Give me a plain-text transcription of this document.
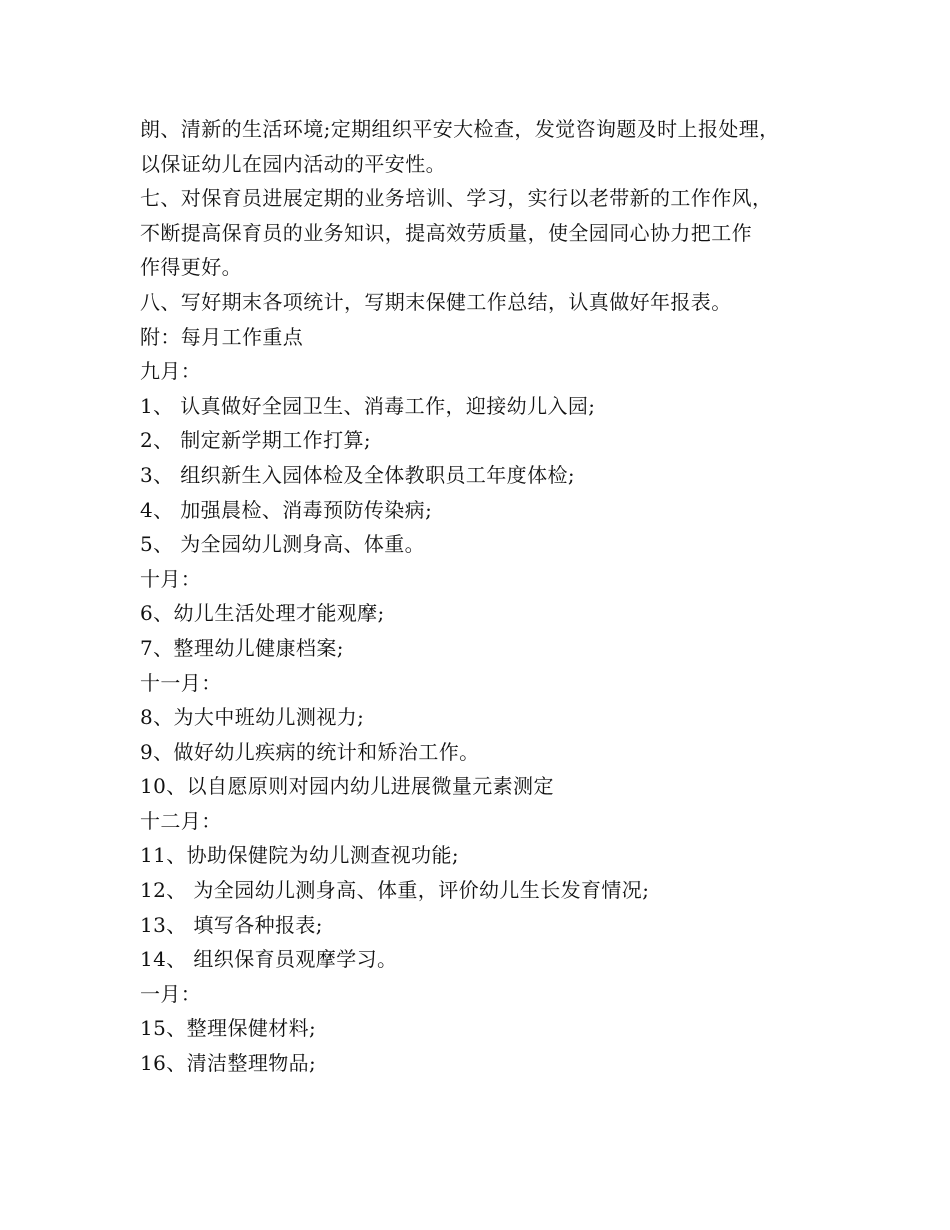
朗、清新的生活环境;定期组织平安大检查，发觉咨询题及时上报处理，
以保证幼儿在园内活动的平安性。
七、对保育员进展定期的业务培训、学习，实行以老带新的工作作风，
不断提高保育员的业务知识，提高效劳质量，使全园同心协力把工作
作得更好。
八、写好期末各项统计，写期末保健工作总结，认真做好年报表。
附：每月工作重点
九月：
1、 认真做好全园卫生、消毒工作，迎接幼儿入园;
2、 制定新学期工作打算;
3、 组织新生入园体检及全体教职员工年度体检;
4、 加强晨检、消毒预防传染病;
5、 为全园幼儿测身高、体重。
十月：
6、幼儿生活处理才能观摩;
7、整理幼儿健康档案;
十一月：
8、为大中班幼儿测视力;
9、做好幼儿疾病的统计和矫治工作。
10、以自愿原则对园内幼儿进展微量元素测定
十二月：
11、协助保健院为幼儿测查视功能;
12、 为全园幼儿测身高、体重，评价幼儿生长发育情况;
13、 填写各种报表;
14、 组织保育员观摩学习。
一月：
15、整理保健材料;
16、清洁整理物品;
